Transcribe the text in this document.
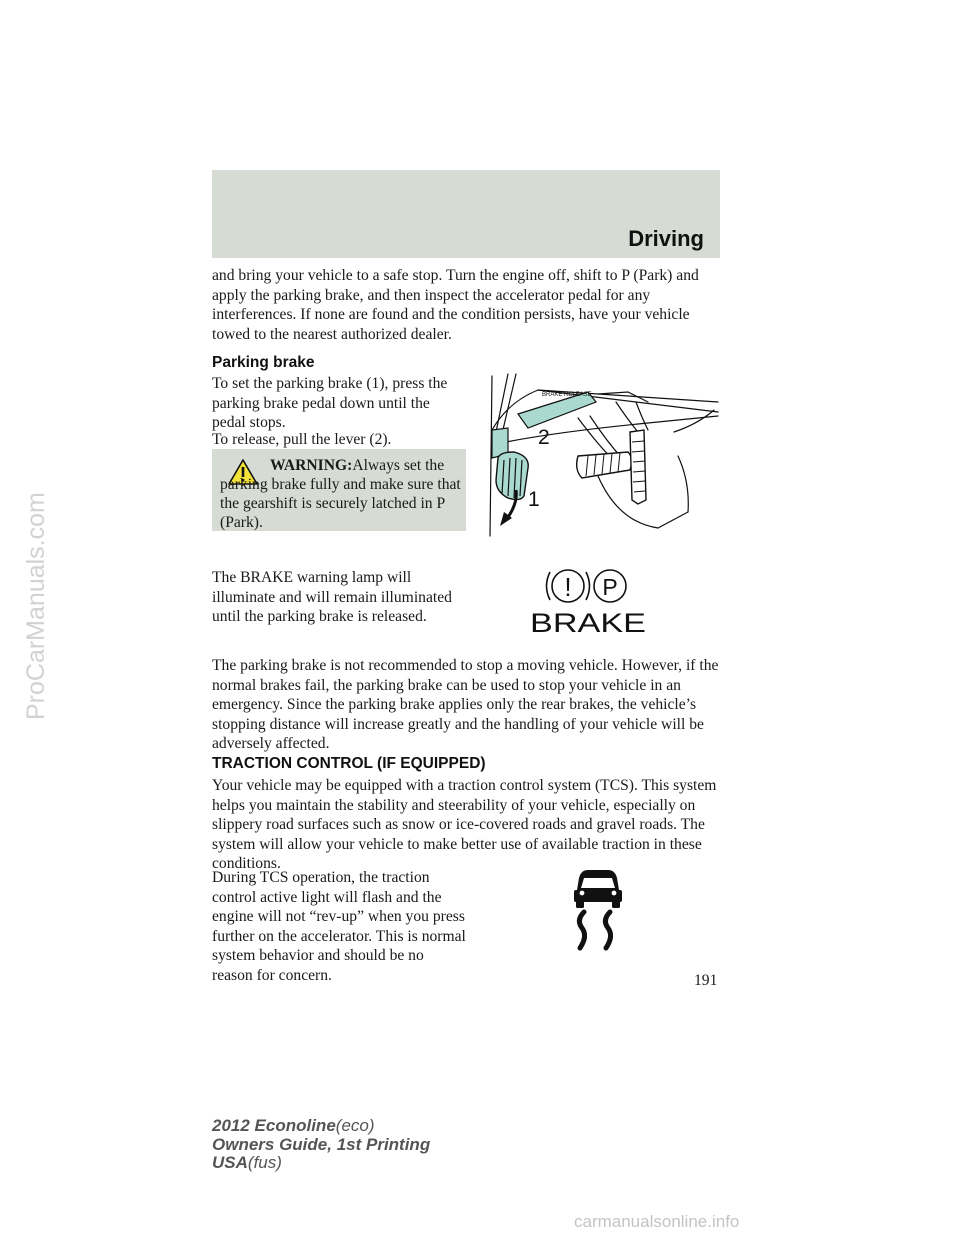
Driving

and bring your vehicle to a safe stop. Turn the engine off, shift to P (Park) and apply the parking brake, and then inspect the accelerator pedal for any interferences. If none are found and the condition persists, have your vehicle towed to the nearest authorized dealer.

Parking brake

To set the parking brake (1), press the parking brake pedal down until the pedal stops.

To release, pull the lever (2).

WARNING:Always set the parking brake fully and make sure that the gearshift is securely latched in P (Park).
BRAKE RELEASE
2
1

The BRAKE warning lamp will illuminate and will remain illuminated until the parking brake is released.

! P
BRAKE

The parking brake is not recommended to stop a moving vehicle. However, if the normal brakes fail, the parking brake can be used to stop your vehicle in an emergency. Since the parking brake applies only the rear brakes, the vehicle’s stopping distance will increase greatly and the handling of your vehicle will be adversely affected.

TRACTION CONTROL (IF EQUIPPED)

Your vehicle may be equipped with a traction control system (TCS). This system helps you maintain the stability and steerability of your vehicle, especially on slippery road surfaces such as snow or ice-covered roads and gravel roads. The system will allow your vehicle to make better use of available traction in these conditions.

During TCS operation, the traction control active light will flash and the engine will not “rev-up” when you press further on the accelerator. This is normal system behavior and should be no reason for concern.	191
2012 Econoline(eco)
Owners Guide, 1st Printing
USA(fus)
ProCarManuals.com
carmanualsonline.info
